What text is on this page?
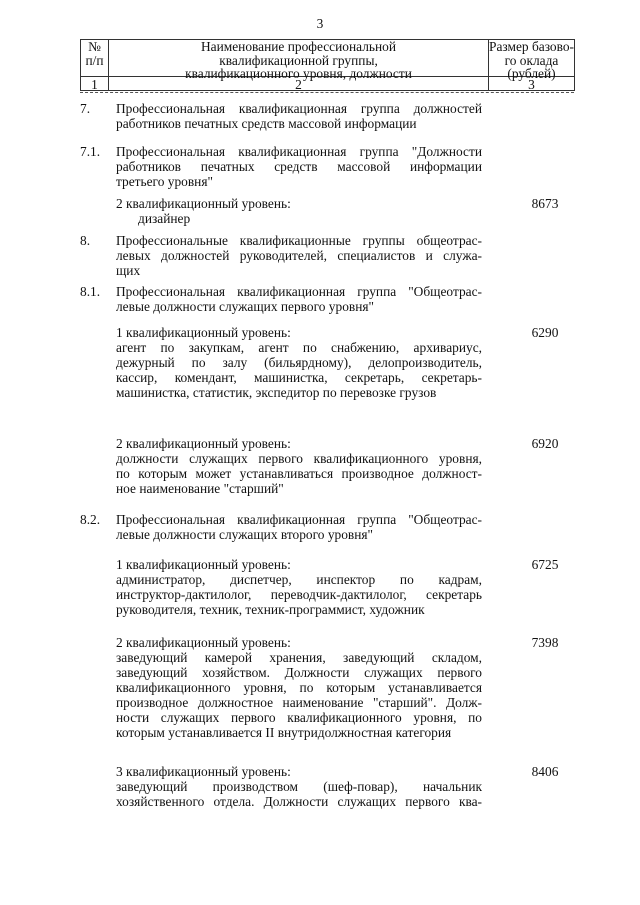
3
№
п/п
Наименование профессиональной
квалификационной группы,
квалификационного уровня, должности
Размер базово-
го оклада
(рублей)
1	2	3
7. Профессиональная квалификационная группа должностей
работников печатных средств массовой информации
7.1. Профессиональная квалификационная группа "Должности
работников печатных средств массовой информации
третьего уровня"
2 квалификационный уровень:
дизайнер
8673
8. Профессиональные квалификационные группы общеотрас-
левых должностей руководителей, специалистов и служа-
щих
8.1. Профессиональная квалификационная группа "Общеотрас-
левые должности служащих первого уровня"
1 квалификационный уровень:
агент по закупкам, агент по снабжению, архивариус,
дежурный по залу (бильярдному), делопроизводитель,
кассир, комендант, машинистка, секретарь, секретарь-
машинистка, статистик, экспедитор по перевозке грузов
6290
2 квалификационный уровень:
должности служащих первого квалификационного уровня,
по которым может устанавливаться производное должност-
ное наименование "старший"
6920
8.2. Профессиональная квалификационная группа "Общеотрас-
левые должности служащих второго уровня"
1 квалификационный уровень:
администратор, диспетчер, инспектор по кадрам,
инструктор-дактилолог, переводчик-дактилолог, секретарь
руководителя, техник, техник-программист, художник
6725
2 квалификационный уровень:
заведующий камерой хранения, заведующий складом,
заведующий хозяйством. Должности служащих первого
квалификационного уровня, по которым устанавливается
производное должностное наименование "старший". Долж-
ности служащих первого квалификационного уровня, по
которым устанавливается II внутридолжностная категория
7398
3 квалификационный уровень:
заведующий производством (шеф-повар), начальник
хозяйственного отдела. Должности служащих первого ква-
8406
